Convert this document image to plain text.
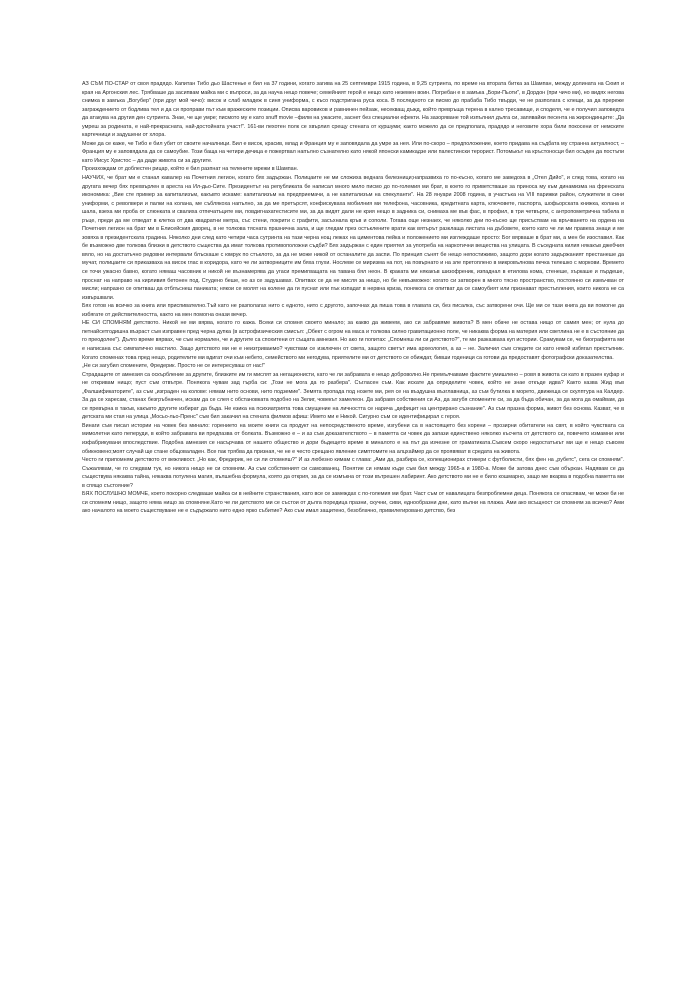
АЗ СЪМ ПО-СТАР от своя прадядо. Капитан Тибо дьо Шастенье е бил на 37 години, когато загива на 25 септември 1915 година, в 9,25 сутринта, по време на втората битка за Шампан, между долината на Сюип и края на Аргонския лес. Трябваше да засипвам майка ми с въпроси, за да науча нещо повече; семейният герой е нещо като неземен воин. Погребан е в замъка „Бори-Пьоти", в Дордон (при чичо ми), но видях негова снимка в замъка „Вогубер" (при друг мой чичо): висок и слаб младеж в синя униформа, с късо подстригана руса коса. В последното си писмо до прабаба Тибо твърди, че не разполага с клещи, за да пререже заграждението от бодлива тел и да си проправи път към вражеските позиции. Описва варовиков и равнинен пейзаж, несекващ дъжд, който превръща терена в кално тресавище, и споделя, че е получил заповедта да атакува на другия ден сутринта. Знае, че ще умре; писмото му е като snuff movie –филм на ужасите, заснет без специални ефекти. На зазоряване той изпълнил дълга си, запявайки песента на жирондинците: „Да умреш за родината, е най-прекрасната, най-достойната участ!". 161-ви пехотен полк се хвърлил срещу стената от куршуми; както можело да се предполага, прадядо и неговите хора били покосени от немските картечници и задушени от хлора.

Може да се каже, че Тибо е бил убит от своите началници. Бил е висок, красив, млад и Франция му е заповядала да умре за нея. Или по-скоро – предположение, което придава на съдбата му странна актуалност, – Франция му е заповядала да се самоубие. Този баща на четири дечица е пожертвал напълно съзнателно като някой японски камикадзе или палестински терорист. Потомькът на кръстоносци бил осъден да постъпи като Иисус Христос – да даде живота си за другите.

Произхождам от доблестен рицар, който е бил разпнат на телените мрежи в Шампан.

НАУЧИХ, че брат ми е станал кавалер на Почетния легион, когато бях задържан. Полицаите не ми сложиха веднага белезници;напразвиха го по-късно, когато ме заведоха в „Отел Дийо", и след това, когато на другата вечер бях прехвърлен в ареста на Ил-дьо-Сите. Президентът на републиката бе написал много мило писмо до по-големия ми брат, в което го приветстваше за приноса му към динамизма на френската икономика: „Вие сте пример за капитализъм, какъвто искаме: капитализъм на предприемачи, а не капитализъм на спекуланти". На 28 януари 2008 година, в участъка на VIII парижки район, служители в сини униформи, с револвери и палки на колана, ме съблякоха напълно, за да ме претърсят, конфискуваха мобилния ми телефона, часовника, кредитната карта, ключовете, паспорта, шофьорската книжка, колана и шала, взеха ми проба от слюнката и свалиха отпечатъците ми, повдигнахатестисите ми, за да видят дали не крия нещо в задника си, снимаха ме във фас, в профил, в три четвърти, с антропометрична табела в ръце, преди да ме отведат в клетка от два квадратни метра, със стени, покрити с графити, засъхнала кръв и сополи. Тогава още незнаех, че няколко дни по-късно ще присъствам на връчването на ордена на Почетния легион на брат ми в Елисейския дворец, в не толкова тясната празнична зала, и ще гледам през остъклените врати как вятърът разклаща листата на дъбовете, които като че ли ми правеха знаци и ме зовяха в президентската градина. Няколко дни след като четири часа сутринта на тази черна нощ лежах на циментова пейка и положението ми изглеждаше просто: Бог вярваше в брат ми, а мен бе изоставил. Как бе възможно две толкова близки в детството същества да имат толкова противоположни съдби? Бях задържан с един приятел за употреба на наркотични вещества на улицата. В съседната килия някакъв джебчия вяло, но на достатъчно редовни интервали блъскаше с юмрук по стъклото, за да не може никой от останалите да заспи. По принцип сънят бе нещо непостижимо, защото дори когато задържаният престанеше да мучат, полицаите си приказваха на висок глас в коридора, като че ли затворниците им бяха глухи. Нослеве се миризма на пот, на повърнато и на зле претоплено в микровълнова печка телешко с моркови. Времето се точи ужасно бавно, когато нямаш часовник и никой не възнамерява да угаси премигващата на тавана бял неон. В краката ми някакъв шизофреник, изпаднал в етилова кома, стенеше, хъркаше и пърдеше, проснат на направо на кирливия бетонен под. Студено беше, но аз се задушавах. Опитвах се да не мисля за нищо, но бе невъзможно: когато си затворен в много тясно пространство, постоянно си измъчван от мисли; напразно се опитваш да отблъснеш паниката; някои се молят на колене да ги пуснат или пък изпадат в нервна криза, понякога се опитват да се самоубият или признават престъпления, които никога не са извършвали.

Бях готов на всичко за книга или приспивателно.Тъй като не разполагах нито с едното, нито с другото, започнах да пиша това в главата си, без писалка, със затворени очи. Ще ми се тази книга да ви помогне да избягате от действителността, както на мен помогна онази вечер.

НЕ СИ СПОМНЯМ детството. Никой не ми вярва, когато го кажа. Всеки си спомня своето минало; за какво да живеем, ако си забравяме живота? В мен обаче не остава нищо от самия мен; от нула до петнайсетгодишна възраст съм изправен пред черна дупка (в астрофизическия смисъл: „Обект с огром на маса и толкова силно гравитационно поле, че никаква форма на материя или светлина не е в състояние да го преодолее"). Дълго време вярвах, че съм нормален, че и другите са спохитени от същата амнезия. Но ако ги попитах: „Спомняш ли си детството?", те ми разказваха куп истории. Срамувам се, че биографията ми е написана със симпатично мастило. Защо детството ми не е неизтриваемо? чувствам се изключен от света, защото светът има археология, а аз – не. Заличил съм следите си като някой избягал престъпник. Когато споменах това пред нещо, родителите ми вдигат очи към небето, семейството ми негодува, приятелите ми от детството се обиждат, бивши годеници са готови да предоставят фотографски доказателства.

„Не си загубил спомените, Фредерик. Просто не се интересуваш от нас!"

Страдащите от амнезия са оскърбление за другите, близките им ги мислят за негационисти, като че ли забравата е нещо доброволно.Не премълчаваме фактите умишлено – ровя в живота си като в празен куфар и не откривам нищо; пуст съм отвътре. Понякога чувам зад гърба си: „Този не мога да го разбера". Съгласен съм. Как искате да определите човек, който не знае откъде идва? Както казва Жид във „Фалшификаторите", аз съм „изграден на колове: нямам нито основи, нито подземие". Земята пропада под нозете ми, рея се на въздушна възглавница, аз съм бутилка в морето, движеща се скулптура на Калдер. За да се харесам, станах безгръбначен, искам да се слея с обстановката подобно на Зелиг, човекът хамелеон. Да забравя собствения си Аз, да загубя спомените си, за да бъда обичан, за да мога да омайвам, да се превърна в такъв, какъвто другите избират да бъда. Не езика на психиатрията това смущение на личността се нарича „дефицит на центрирано съзнание". Аз съм празна форма, живот без основа. Казват, че в детската ми стая на улица „Мосьо-льо-Пренс" съм бил закачил на стената филмов афиш: Името ми е Никой. Сигурно съм се идентифицирал с героя.

Винаги съм писал истории на човек без минало: горението на моите книги са продукт на непосредственото време, изгубени са в настоящето без корени – прозирни обитатели на свят, в който чувствата са мимолетни като пеперуди, в който забравата ви предпазва от болката. Възможно е – и аз съм доказателството – в паметта си човек да запази единствено няколко късчета от детството си, повечето измамни или изфабрикувани впоследствие. Подобна амнезия се насърчава от нашето общество и дори бъдещето време в миналото е на път да изчезне от граматиката.Съвсем скоро недостатъкът ми ще е нещо съвсем обикновено;моят случай ще стане общоваладен. Все пак трябва да призная, че не е често срещано явление симптомите на алцхаймер да се проявяват в средата на живота.

Често ги припомням детството от вежливост. „Но как, Фредерик, не си ли спомняш?" И аз любезно кимам с глава: „Ами да, разбира се, колекционирах стикери с футболисти, бях фен на „рубетс", сега си спомням". Съжалявам, че го следвам тук, но никога нищо не си спомням. Аз съм собственият си самозванец. Понятие си нямам къде съм бил между 1965-а и 1980-а. Може би затова днес съм объркан. Надявам се да съществува някаква тайна, някаква потулена магия, вълшебна формула, която да открия, за да се измъкна от този вътрешен лабиринт. Ако детството ми не е било кошмарно, защо ме вкарва в подобна паметта ми в спящо състояние?

БЯХ ПОСЛУШНО МОМЧЕ, което покорно следваше майка си в нейните странствания, като все се замеждах с по-големия ми брат. Част съм от навалицата безпроблемни деца. Понякога се опасявам, че може би не си спомням нищо, защото няма нищо за спомняне.Като че ли детството ми се състои от дълга поредица празни, скучни, сиви, еднообразни дни, като вълни на плажа. Ами ако всъщност си спомням за всичко? Ами ако началото на моето съществуване не е съдържало нито едно ярко събитие? Ако съм имал защитено, безоблачно, привилегировано детство, без
